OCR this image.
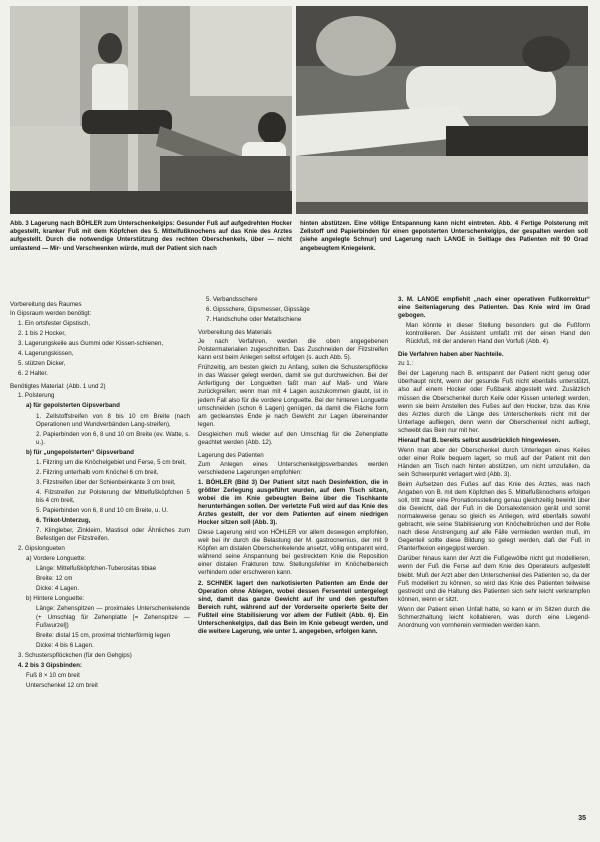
Abb. 3 Lagerung nach BÖHLER zum Unterschenkelgips: Gesunder Fuß auf aufgedrehten Hocker abgestellt, kranker Fuß mit dem Köpfchen des 5. Mittelfußknochens auf das Knie des Arztes aufgestellt. Durch die notwendige Unterstützung des rechten Oberschenkels, über — nicht umlastend — Mir- und Verschwenken würde, muß der Patient sich nach
hinten abstützen. Eine völlige Entspannung kann nicht eintreten. Abb. 4 Fertige Polsterung mit Zellstoff und Papierbinden für einen gepolsterten Unterschenkelgips, der gespalten werden soll (siehe angelegte Schnur) und Lagerung nach LANGE in Seitlage des Patienten mit 90 Grad angebeugtem Kniegelenk.

Vorbereitung des Raumes

In Gipsraum werden benötigt:

1. Ein ortsfester Gipstisch,

2. 1 bis 2 Hocker,

3. Lagerungskeile aus Gummi oder Kissen-schienen,

4. Lagerungskissen,

5. stützen Dicker,

6. 2 Halter.

Benötigtes Material: (Abb. 1 und 2)

1. Polsterung

a) für gepolsterten Gipsverband

1. Zellstoffstreifen von 8 bis 10 cm Breite (nach Operationen und Wundverbänden Lang-streifen),

2. Papierbinden von 6, 8 und 10 cm Breite (ev. Watte, s. u.).

b) für „ungepolsterten“ Gipsverband

1. Filzring um die Knöchelgebiet und Ferse, 5 cm breit,

2. Filzring unterhalb vom Knöchel 6 cm breit,

3. Filzstreifen über der Schienbeinkante 3 cm breit,

4. Filzstreifen zur Polsterung der Mittelfußköpfchen 5 bis 4 cm breit,

5. Papierbinden von 6, 8 und 10 cm Breite, u. U.

6. Trikot-Unterzug,

7. Klingleber, Zinkleim, Mastisol oder Ähnliches zum Befestigen der Filzstreifen.

2. Gipslongueten

a) Vordere Longuette:

Länge: Mittelfußköpfchen-Tuberositas tibiae

Breite: 12 cm

Dicke: 4 Lagen.

b) Hintere Longuette:

Länge: Zehenspitzen — proximales Unterschenkelende (+ Umschlag für Zehenplatte [= Zehenspitze — Fußwurzel])

Breite: distal 15 cm, proximal trichterförmig legen

Dicke: 4 bis 6 Lagen.

3. Schusterspflöckchen (für den Gehgips)

4. 2 bis 3 Gipsbinden:

Fuß 8 × 10 cm breit

Unterschenkel 12 cm breit

5. Verbandsschere

6. Gipsschere, Gipsmesser, Gipssäge

7. Handschuhe oder Metallschiene

Vorbereitung des Materials

Je nach Verfahren, werden die oben angegebenen Polstermaterialien zugeschnitten. Das Zuschneiden der Filzstreifen kann erst beim Anlegen selbst erfolgen (s. auch Abb. 5).

Frühzeitig, am besten gleich zu Anfang, sollen die Schusterspflöcke in das Wasser gelegt werden, damit sie gut durchweichen. Bei der Anfertigung der Longuetten faßt man auf Maß- und Ware zurückgreifen; wenn man mit 4 Lagen auszukommen glaubt, ist in jedem Fall also für die vordere Longuette. Bei der hinteren Longuette umschneiden (schon 6 Lagen) genügen, da damit die Fläche form am gecleanstes Ende je nach Gewicht zur Lagen übereinander legen.

Desgleichen muß wieder auf den Umschlag für die Zehenplatte geachtet werden (Abb. 12).

Lagerung des Patienten

Zum Anlegen eines Unterschenkelgipsverbandes werden verschiedene Lagerungen empfohlen:

1. BÖHLER (Bild 3) Der Patient sitzt nach Desinfektion, die in größter Zerlegung ausgeführt wurden, auf dem Tisch sitzen, wobei die im Knie gebeugten Beine über die Tischkante herunterhängen sollen. Der verletzte Fuß wird auf das Knie des Arztes gestellt, der vor dem Patienten auf einem niedrigen Hocker sitzen soll (Abb. 3).

Diese Lagerung wird von HÖHLER vor allem deswegen empfohlen, weil bei ihr durch die Belastung der M. gastrocnemius, der mit 9 Köpfen am distalen Oberschenkelende ansetzt, völlig entspannt wird, während seine Anspannung bei gestrecktem Knie die Reposition einer distalen Frakturen bzw. Stellungsfehler im Knöchelbereich verhindern oder erschweren kann.

2. SCHNEK lagert den narkotisierten Patienten am Ende der Operation ohne Ablegen, wobei dessen Fersenteil untergelegt sind, damit das ganze Gewicht auf ihr und den gestuften Bereich ruht, während auf der Vorderseite operierte Seite der Fußteil eine Stabilisierung vor allem der Fußleit (Abb. 6). Ein Unterschenkelgips, daß das Bein im Knie gebeugt werden, und die weitere Lagerung, wie unter 1. angegeben, erfolgen kann.

3. M. LANGE empfiehlt „nach einer operativen Fußkorrektur“ eine Seitenlagerung des Patienten. Das Knie wird im Grad gebogen.

Man könnte in dieser Stellung besonders gut die Fußform kontrollieren. Der Assistent umfaßt mit der einen Hand den Rückfuß, mit der anderen Hand den Vorfuß (Abb. 4).

Die Verfahren haben aber Nachteile.

zu 1.:

Bei der Lagerung nach B. entspannt der Patient nicht genug oder überhaupt nicht, wenn der gesunde Fuß nicht ebenfalls unterstützt, also auf einem Hocker oder Fußbank abgestellt wird. Zusätzlich müssen die Oberschenkel durch Keile oder Kissen unterlegt werden, wenn sie beim Anstellen des Fußes auf den Hocker, bzw. das Knie des Arztes durch die Länge des Unterschenkels nicht mit der Unterlage aufliegen, denn wenn der Oberschenkel nicht aufliegt, schwebt das Bein nur mit her.

Hierauf hat B. bereits selbst ausdrücklich hingewiesen.

Wenn man aber der Oberschenkel durch Unterlegen eines Keiles oder einer Rolle bequem lagert, so muß auf der Patient mit den Händen am Tisch nach hinten abstützen, um nicht umzufallen, da sein Schwerpunkt verlagert wird (Abb. 3).

Beim Aufsetzen des Fußes auf das Knie des Arztes, was nach Angaben von B. mit dem Köpfchen des 5. Mittelfußknochens erfolgen soll, tritt zwar eine Pronationsstellung genau gleichzeitig bewirkt über die Gewicht, daß der Fuß in die Dorsalextension gerät und somit normaleweise genau so gleich es Anliegen, wird ebenfalls sowohl gebracht, wie seine Stabilisierung von Knöchelbrüchen und der Rolle nach diese Anstrengung auf alle Fälle vermieden werden muß, im Gegenteil sollte diese Bildung so gelegt werden, daß der Fuß in Planterflexion eingegipst werden.

Darüber hinaus kann der Arzt die Fußgewölbe nicht gut modellieren, wenn der Fuß die Ferse auf dem Knie des Operateurs aufgestellt bleibt. Muß der Arzt aber den Unterschenkel des Patienten so, da der Fuß modelliert zu können, so wird das Knie des Patienten teilweise gestreckt und die Haltung des Patienten sich sehr leicht verkrampfen können, wenn er sitzt.

Wenn der Patient einen Unfall hatte, so kann er im Sitzen durch die Schmerzhaltung leicht kollabieren, was durch eine Liegend-Anordnung von vornherein vermieden werden kann.

35
